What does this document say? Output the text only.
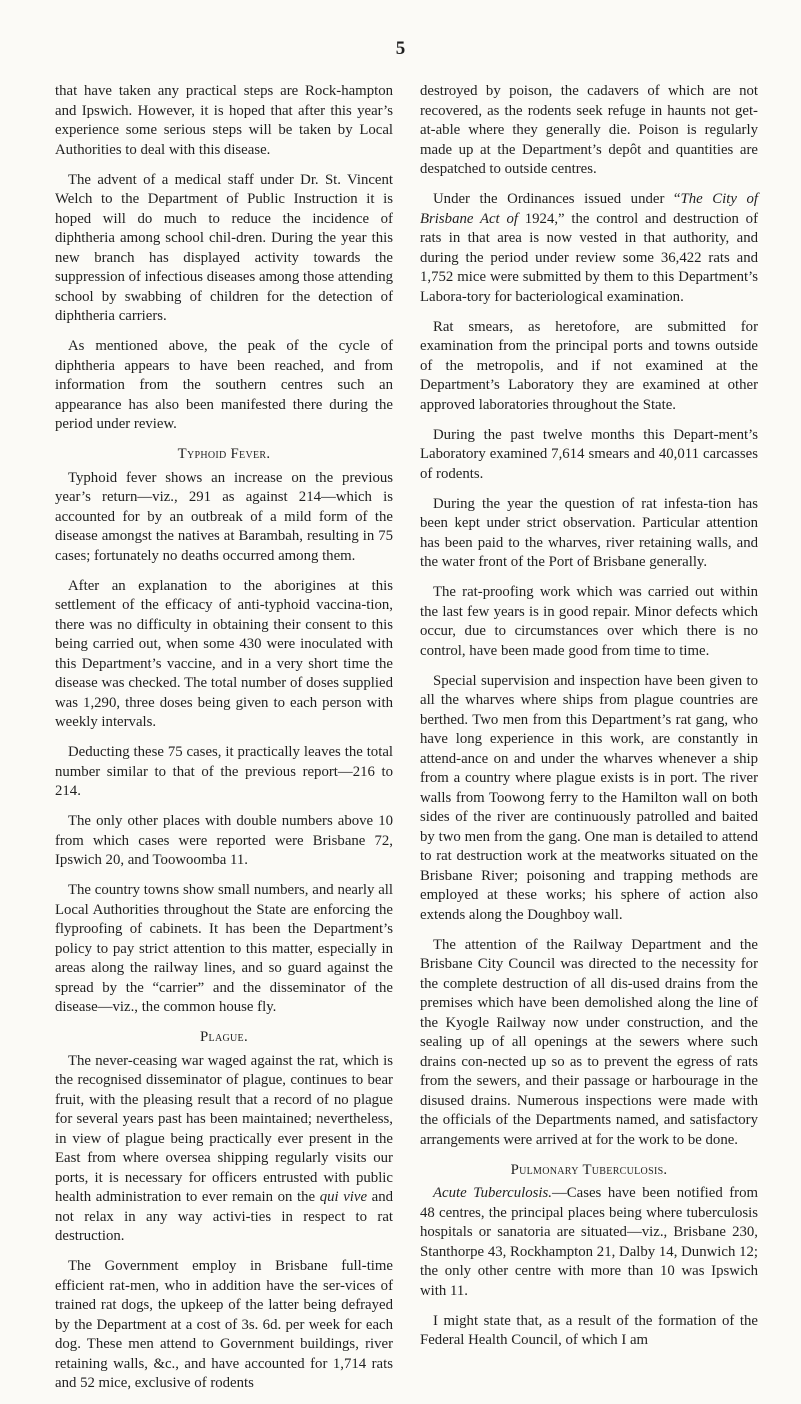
5

that have taken any practical steps are Rock-hampton and Ipswich. However, it is hoped that after this year’s experience some serious steps will be taken by Local Authorities to deal with this disease.

The advent of a medical staff under Dr. St. Vincent Welch to the Department of Public Instruction it is hoped will do much to reduce the incidence of diphtheria among school chil-dren. During the year this new branch has displayed activity towards the suppression of infectious diseases among those attending school by swabbing of children for the detection of diphtheria carriers.

As mentioned above, the peak of the cycle of diphtheria appears to have been reached, and from information from the southern centres such an appearance has also been manifested there during the period under review.

Typhoid Fever.

Typhoid fever shows an increase on the previous year’s return—viz., 291 as against 214—which is accounted for by an outbreak of a mild form of the disease amongst the natives at Barambah, resulting in 75 cases; fortunately no deaths occurred among them.

After an explanation to the aborigines at this settlement of the efficacy of anti-typhoid vaccina-tion, there was no difficulty in obtaining their consent to this being carried out, when some 430 were inoculated with this Department’s vaccine, and in a very short time the disease was checked. The total number of doses supplied was 1,290, three doses being given to each person with weekly intervals.

Deducting these 75 cases, it practically leaves the total number similar to that of the previous report—216 to 214.

The only other places with double numbers above 10 from which cases were reported were Brisbane 72, Ipswich 20, and Toowoomba 11.

The country towns show small numbers, and nearly all Local Authorities throughout the State are enforcing the flyproofing of cabinets. It has been the Department’s policy to pay strict attention to this matter, especially in areas along the railway lines, and so guard against the spread by the “carrier” and the disseminator of the disease—viz., the common house fly.

Plague.

The never-ceasing war waged against the rat, which is the recognised disseminator of plague, continues to bear fruit, with the pleasing result that a record of no plague for several years past has been maintained; nevertheless, in view of plague being practically ever present in the East from where oversea shipping regularly visits our ports, it is necessary for officers entrusted with public health administration to ever remain on the qui vive and not relax in any way activi-ties in respect to rat destruction.

The Government employ in Brisbane full-time efficient rat-men, who in addition have the ser-vices of trained rat dogs, the upkeep of the latter being defrayed by the Department at a cost of 3s. 6d. per week for each dog. These men attend to Government buildings, river retaining walls, &c., and have accounted for 1,714 rats and 52 mice, exclusive of rodents

destroyed by poison, the cadavers of which are not recovered, as the rodents seek refuge in haunts not get-at-able where they generally die. Poison is regularly made up at the Department’s depôt and quantities are despatched to outside centres.

Under the Ordinances issued under “The City of Brisbane Act of 1924,” the control and destruction of rats in that area is now vested in that authority, and during the period under review some 36,422 rats and 1,752 mice were submitted by them to this Department’s Labora-tory for bacteriological examination.

Rat smears, as heretofore, are submitted for examination from the principal ports and towns outside of the metropolis, and if not examined at the Department’s Laboratory they are examined at other approved laboratories throughout the State.

During the past twelve months this Depart-ment’s Laboratory examined 7,614 smears and 40,011 carcasses of rodents.

During the year the question of rat infesta-tion has been kept under strict observation. Particular attention has been paid to the wharves, river retaining walls, and the water front of the Port of Brisbane generally.

The rat-proofing work which was carried out within the last few years is in good repair. Minor defects which occur, due to circumstances over which there is no control, have been made good from time to time.

Special supervision and inspection have been given to all the wharves where ships from plague countries are berthed. Two men from this Department’s rat gang, who have long experience in this work, are constantly in attend-ance on and under the wharves whenever a ship from a country where plague exists is in port. The river walls from Toowong ferry to the Hamilton wall on both sides of the river are continuously patrolled and baited by two men from the gang. One man is detailed to attend to rat destruction work at the meatworks situated on the Brisbane River; poisoning and trapping methods are employed at these works; his sphere of action also extends along the Doughboy wall.

The attention of the Railway Department and the Brisbane City Council was directed to the necessity for the complete destruction of all dis-used drains from the premises which have been demolished along the line of the Kyogle Railway now under construction, and the sealing up of all openings at the sewers where such drains con-nected up so as to prevent the egress of rats from the sewers, and their passage or harbourage in the disused drains. Numerous inspections were made with the officials of the Departments named, and satisfactory arrangements were arrived at for the work to be done.

Pulmonary Tuberculosis.

Acute Tuberculosis.—Cases have been notified from 48 centres, the principal places being where tuberculosis hospitals or sanatoria are situated—viz., Brisbane 230, Stanthorpe 43, Rockhampton 21, Dalby 14, Dunwich 12; the only other centre with more than 10 was Ipswich with 11.

I might state that, as a result of the formation of the Federal Health Council, of which I am
